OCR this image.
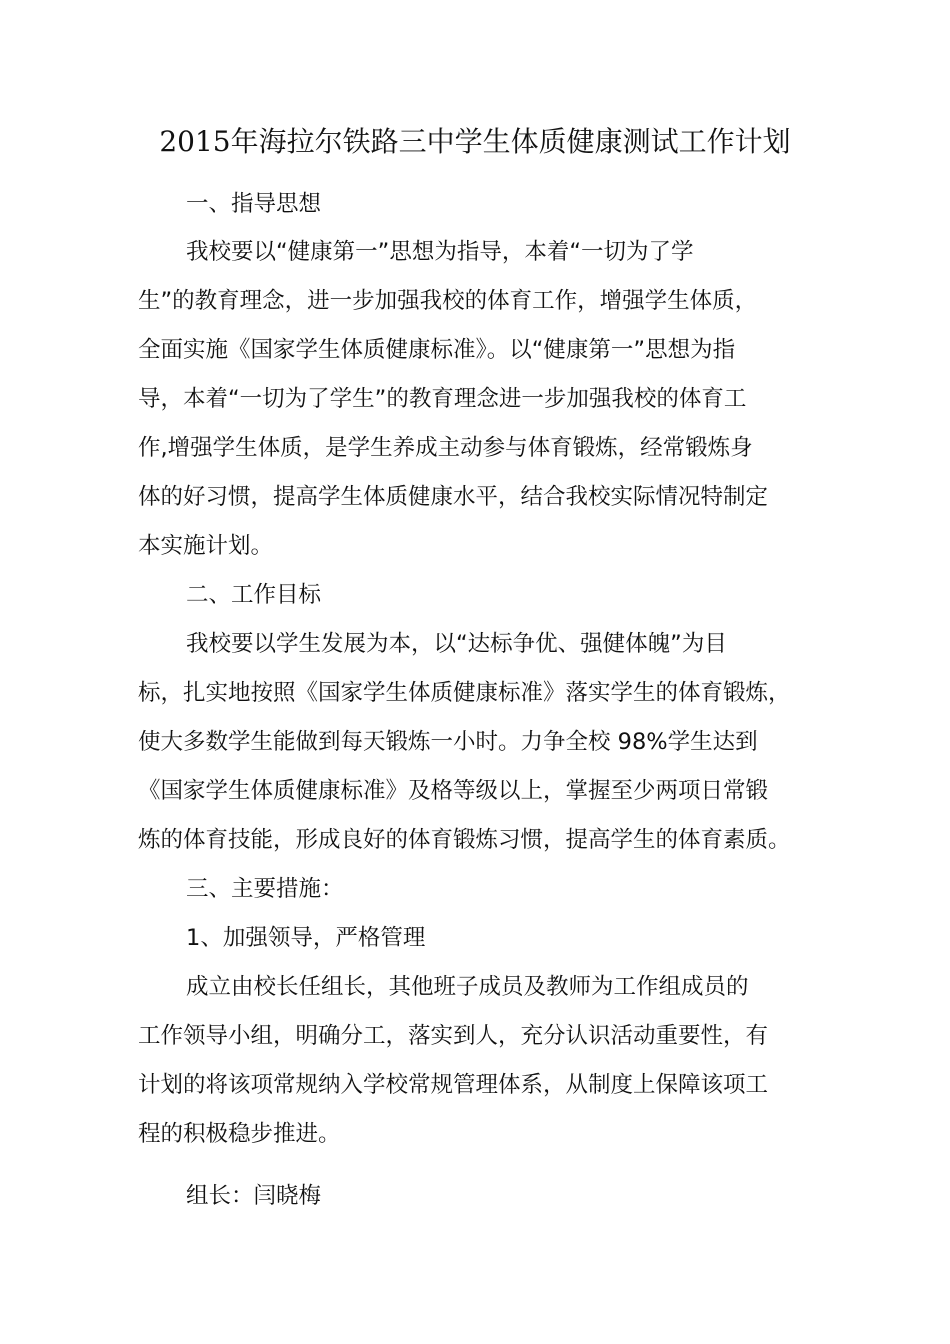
2015年海拉尔铁路三中学生体质健康测试工作计划
一、指导思想
我校要以“健康第一”思想为指导，本着“一切为了学
生”的教育理念，进一步加强我校的体育工作，增强学生体质，
全面实施《国家学生体质健康标准》。以“健康第一”思想为指
导，本着“一切为了学生”的教育理念进一步加强我校的体育工
作,增强学生体质，是学生养成主动参与体育锻炼，经常锻炼身
体的好习惯，提高学生体质健康水平，结合我校实际情况特制定
本实施计划。
二、工作目标
我校要以学生发展为本，以“达标争优、强健体魄”为目
标，扎实地按照《国家学生体质健康标准》落实学生的体育锻炼，
使大多数学生能做到每天锻炼一小时。力争全校 98%学生达到
《国家学生体质健康标准》及格等级以上，掌握至少两项日常锻
炼的体育技能，形成良好的体育锻炼习惯，提高学生的体育素质。
三、主要措施：
1、加强领导，严格管理
成立由校长任组长，其他班子成员及教师为工作组成员的
工作领导小组，明确分工，落实到人，充分认识活动重要性，有
计划的将该项常规纳入学校常规管理体系，从制度上保障该项工
程的积极稳步推进。
组长：闫晓梅
